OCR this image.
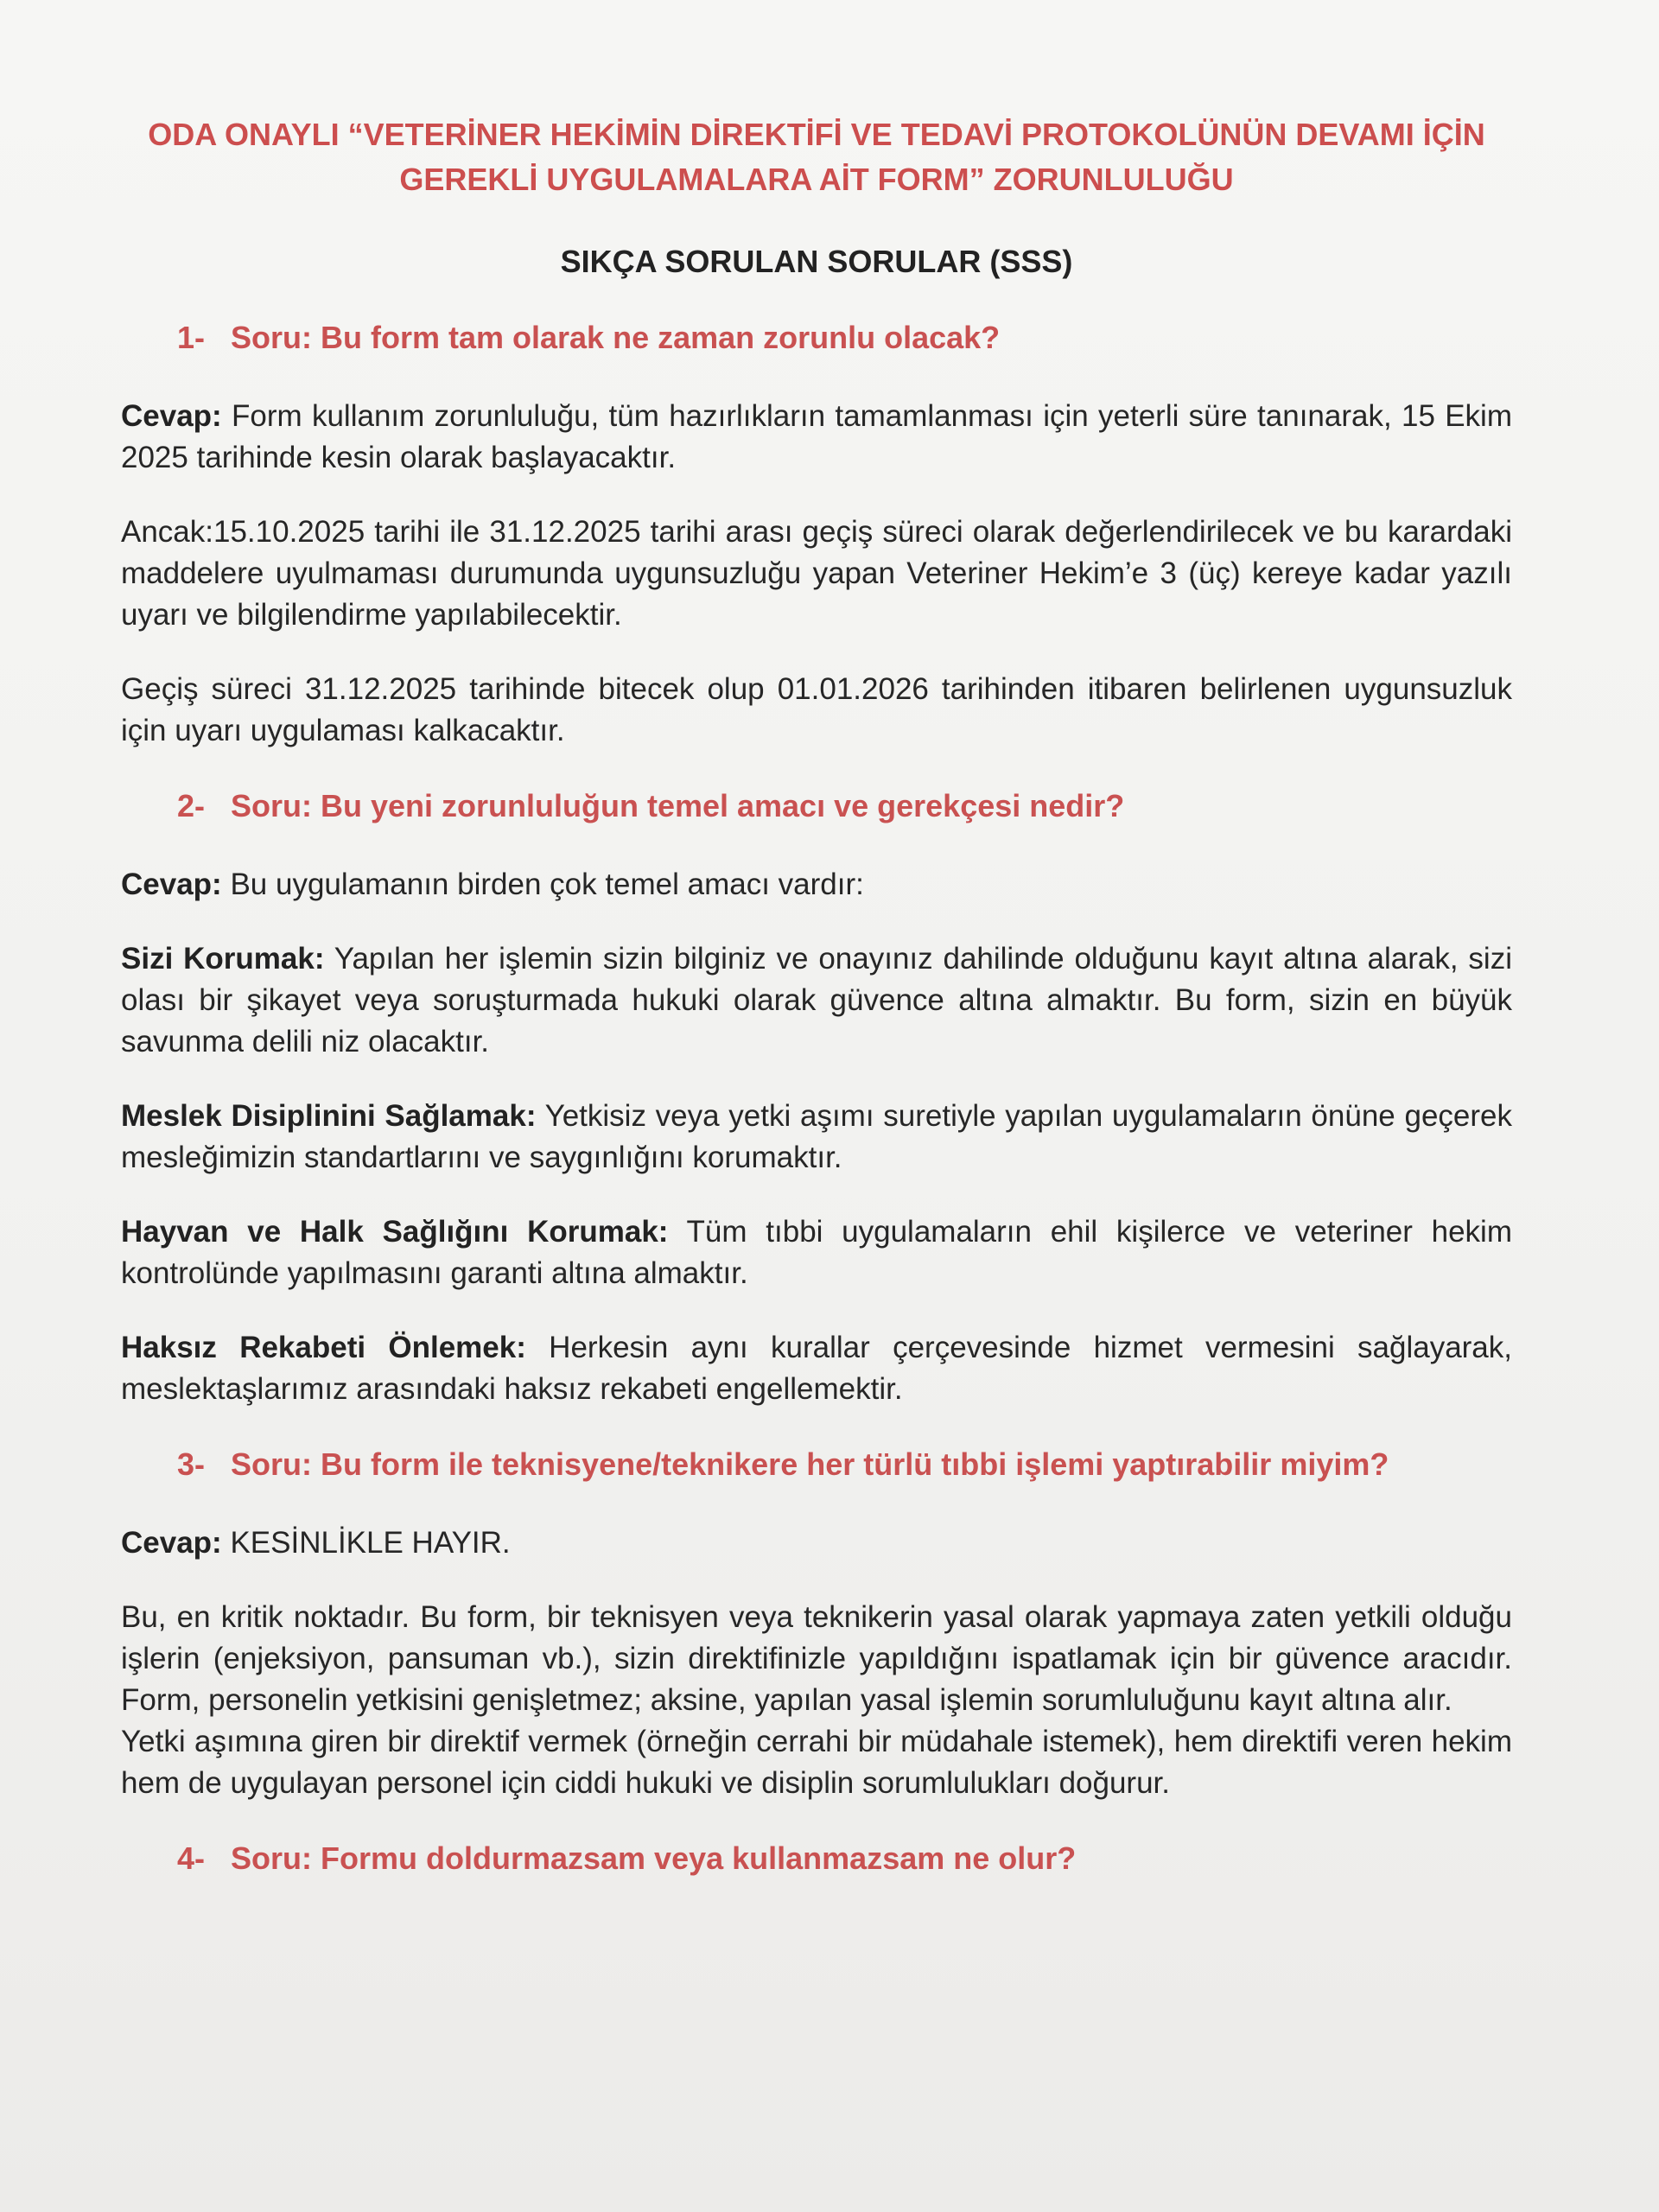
ODA ONAYLI “VETERİNER HEKİMİN DİREKTİFİ VE TEDAVİ PROTOKOLÜNÜN DEVAMI İÇİN GEREKLİ UYGULAMALARA AİT FORM” ZORUNLULUĞU
SIKÇA SORULAN SORULAR (SSS)
1- Soru: Bu form tam olarak ne zaman zorunlu olacak?
Cevap: Form kullanım zorunluluğu, tüm hazırlıkların tamamlanması için yeterli süre tanınarak, 15 Ekim 2025 tarihinde kesin olarak başlayacaktır.
Ancak:15.10.2025 tarihi ile 31.12.2025 tarihi arası geçiş süreci olarak değerlendirilecek ve bu karardaki maddelere uyulmaması durumunda uygunsuzluğu yapan Veteriner Hekim’e 3 (üç) kereye kadar yazılı uyarı ve bilgilendirme yapılabilecektir.
Geçiş süreci 31.12.2025 tarihinde bitecek olup 01.01.2026 tarihinden itibaren belirlenen uygunsuzluk için uyarı uygulaması kalkacaktır.
2- Soru: Bu yeni zorunluluğun temel amacı ve gerekçesi nedir?
Cevap: Bu uygulamanın birden çok temel amacı vardır:
Sizi Korumak: Yapılan her işlemin sizin bilginiz ve onayınız dahilinde olduğunu kayıt altına alarak, sizi olası bir şikayet veya soruşturmada hukuki olarak güvence altına almaktır. Bu form, sizin en büyük savunma delili niz olacaktır.
Meslek Disiplinini Sağlamak: Yetkisiz veya yetki aşımı suretiyle yapılan uygulamaların önüne geçerek mesleğimizin standartlarını ve saygınlığını korumaktır.
Hayvan ve Halk Sağlığını Korumak: Tüm tıbbi uygulamaların ehil kişilerce ve veteriner hekim kontrolünde yapılmasını garanti altına almaktır.
Haksız Rekabeti Önlemek: Herkesin aynı kurallar çerçevesinde hizmet vermesini sağlayarak, meslektaşlarımız arasındaki haksız rekabeti engellemektir.
3- Soru: Bu form ile teknisyene/teknikere her türlü tıbbi işlemi yaptırabilir miyim?
Cevap: KESİNLİKLE HAYIR.
Bu, en kritik noktadır. Bu form, bir teknisyen veya teknikerin yasal olarak yapmaya zaten yetkili olduğu işlerin (enjeksiyon, pansuman vb.), sizin direktifinizle yapıldığını ispatlamak için bir güvence aracıdır. Form, personelin yetkisini genişletmez; aksine, yapılan yasal işlemin sorumluluğunu kayıt altına alır.
Yetki aşımına giren bir direktif vermek (örneğin cerrahi bir müdahale istemek), hem direktifi veren hekim hem de uygulayan personel için ciddi hukuki ve disiplin sorumlulukları doğurur.
4- Soru: Formu doldurmazsam veya kullanmazsam ne olur?
